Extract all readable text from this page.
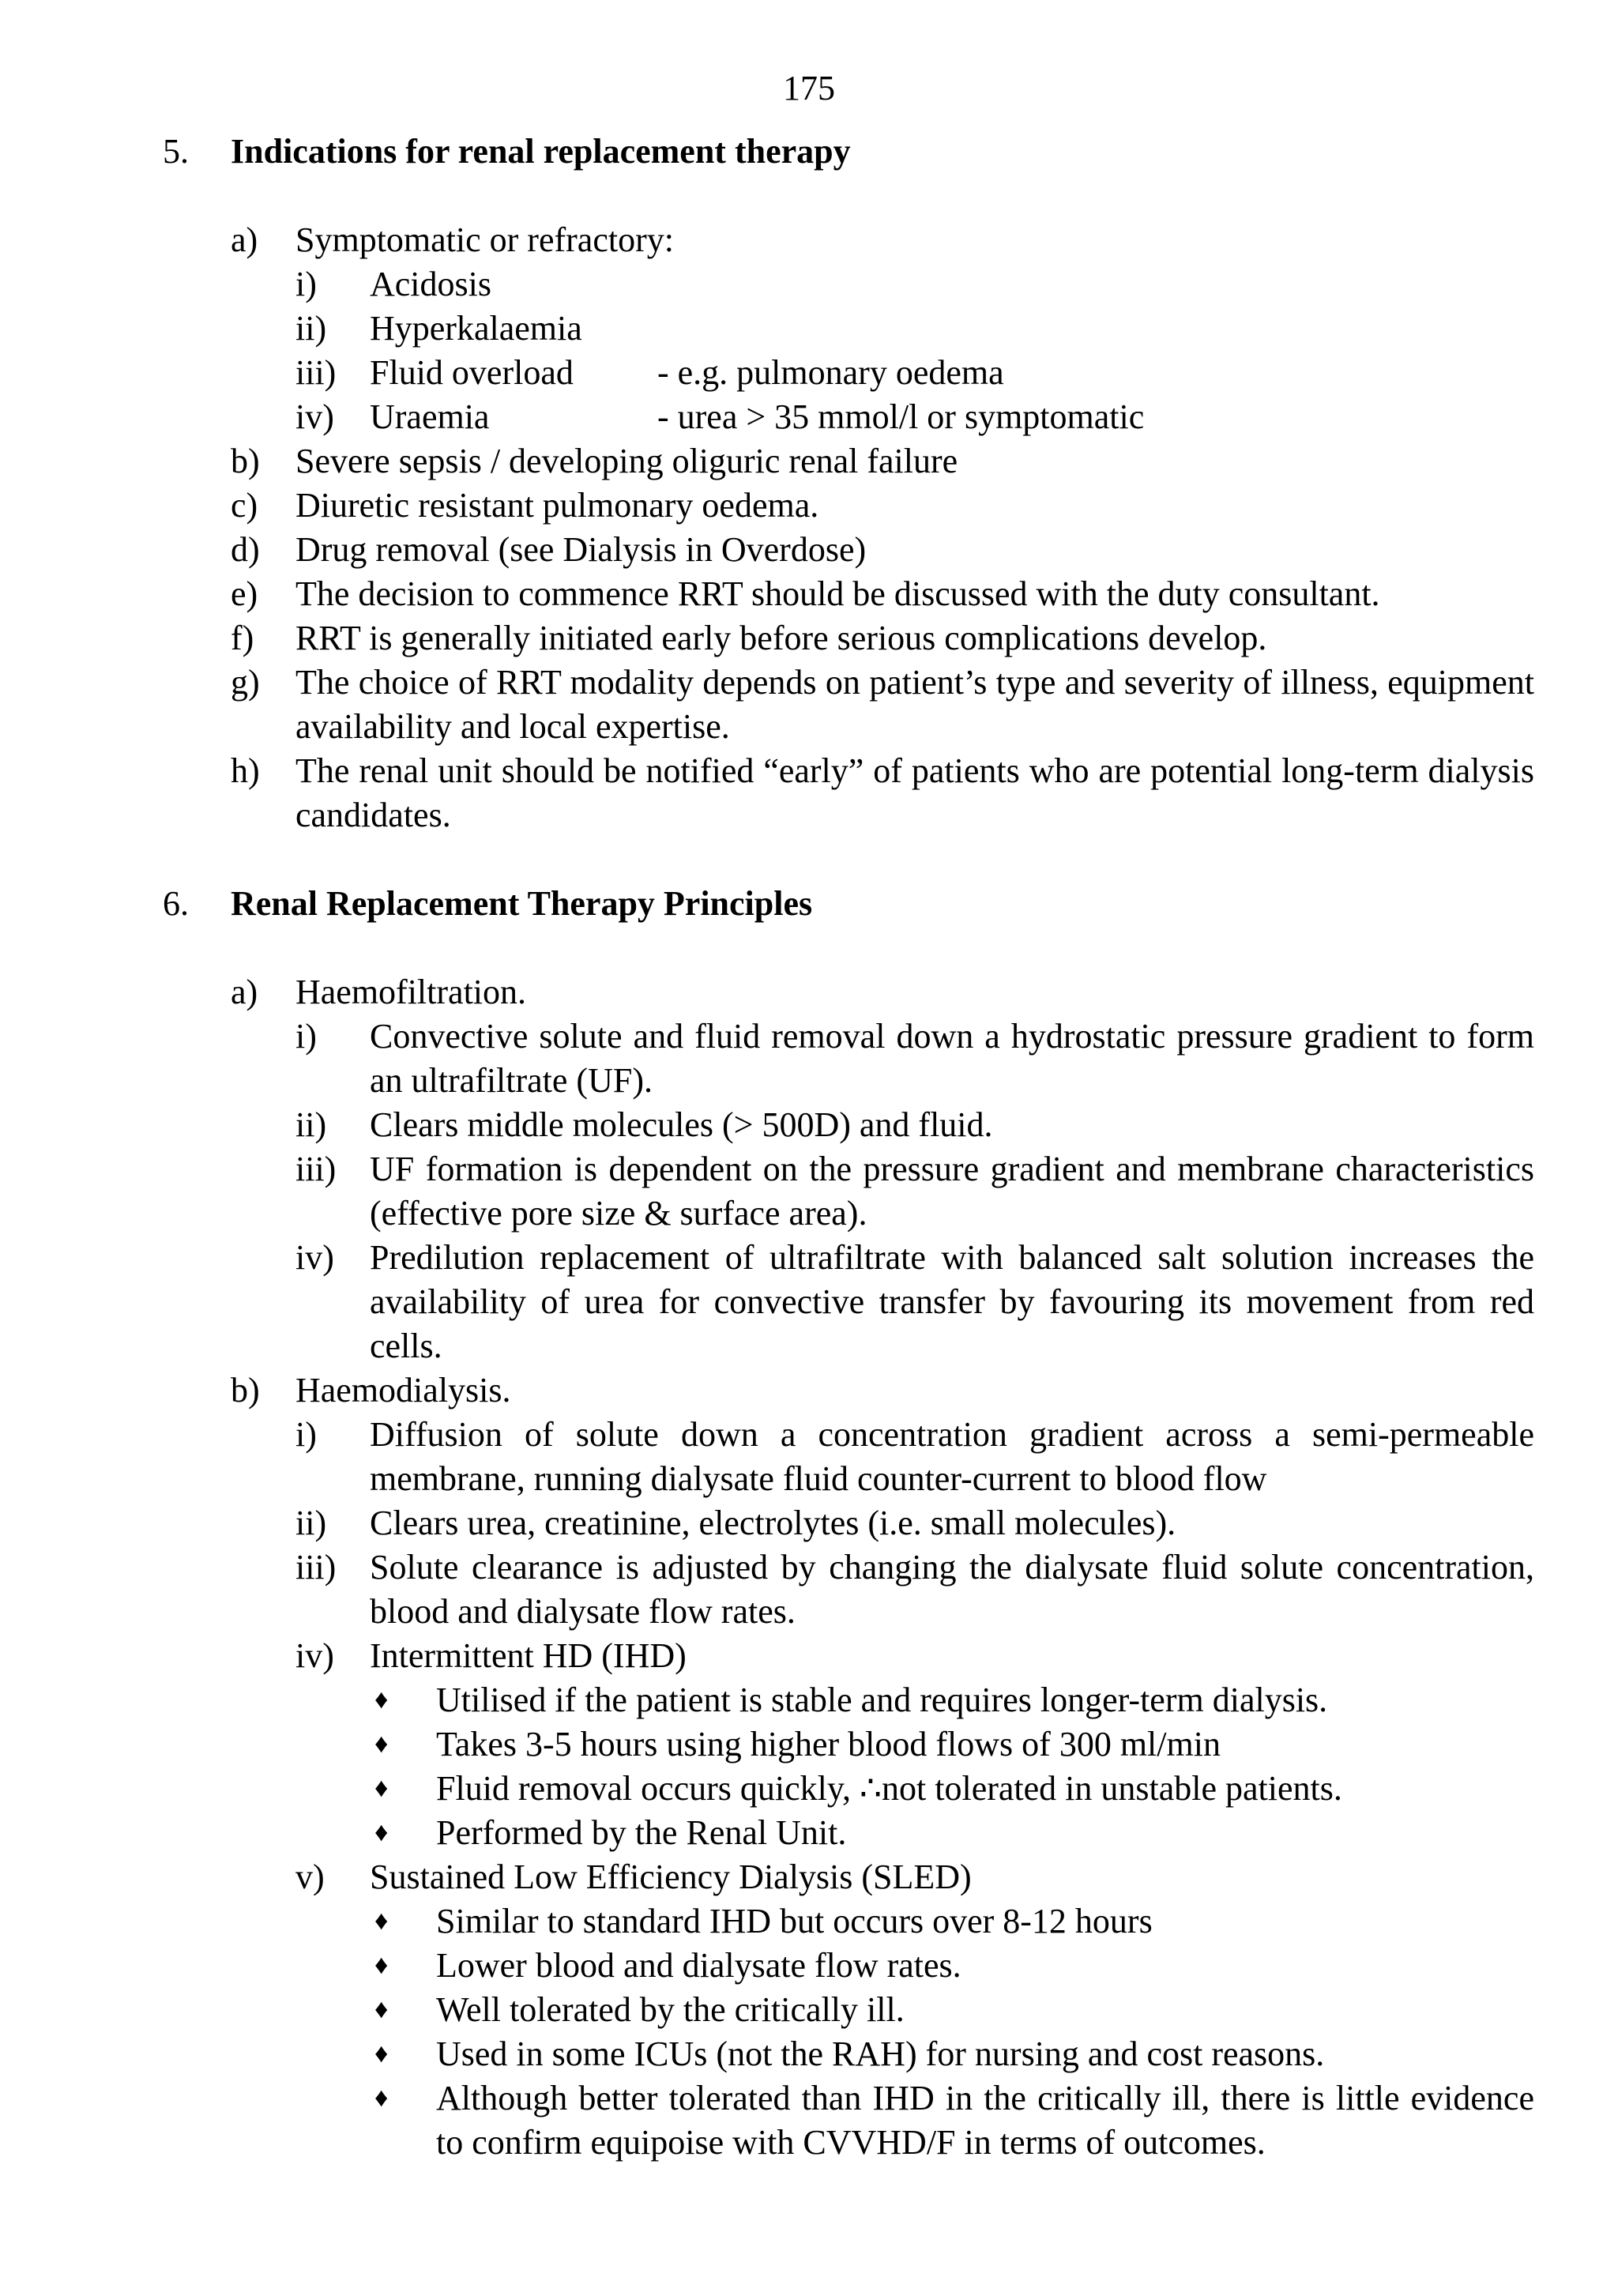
175
5.	Indications for renal replacement therapy
a) Symptomatic or refractory:
i) Acidosis
ii) Hyperkalaemia
iii) Fluid overload - e.g. pulmonary oedema
iv) Uraemia	- urea > 35 mmol/l or symptomatic
b) Severe sepsis / developing oliguric renal failure
c) Diuretic resistant pulmonary oedema.
d) Drug removal (see Dialysis in Overdose)
e) The decision to commence RRT should be discussed with the duty consultant.
f) RRT is generally initiated early before serious complications develop.
g) The choice of RRT modality depends on patient’s type and severity of illness, equipment availability and local expertise.
h) The renal unit should be notified “early” of patients who are potential long-term dialysis candidates.
6.	Renal Replacement Therapy Principles
a) Haemofiltration.
i) Convective solute and fluid removal down a hydrostatic pressure gradient to form an ultrafiltrate (UF).
ii) Clears middle molecules (> 500D) and fluid.
iii) UF formation is dependent on the pressure gradient and membrane characteristics (effective pore size & surface area).
iv) Predilution replacement of ultrafiltrate with balanced salt solution increases the availability of urea for convective transfer by favouring its movement from red cells.
b) Haemodialysis.
i) Diffusion of solute down a concentration gradient across a semi-permeable membrane, running dialysate fluid counter-current to blood flow
ii) Clears urea, creatinine, electrolytes (i.e. small molecules).
iii) Solute clearance is adjusted by changing the dialysate fluid solute concentration, blood and dialysate flow rates.
iv) Intermittent HD (IHD)
♦ Utilised if the patient is stable and requires longer-term dialysis.
♦ Takes 3-5 hours using higher blood flows of 300 ml/min
♦ Fluid removal occurs quickly, ∴not tolerated in unstable patients.
♦ Performed by the Renal Unit.
v) Sustained Low Efficiency Dialysis (SLED)
♦ Similar to standard IHD but occurs over 8-12 hours
♦ Lower blood and dialysate flow rates.
♦ Well tolerated by the critically ill.
♦ Used in some ICUs (not the RAH) for nursing and cost reasons.
♦ Although better tolerated than IHD in the critically ill, there is little evidence to confirm equipoise with CVVHD/F in terms of outcomes.
